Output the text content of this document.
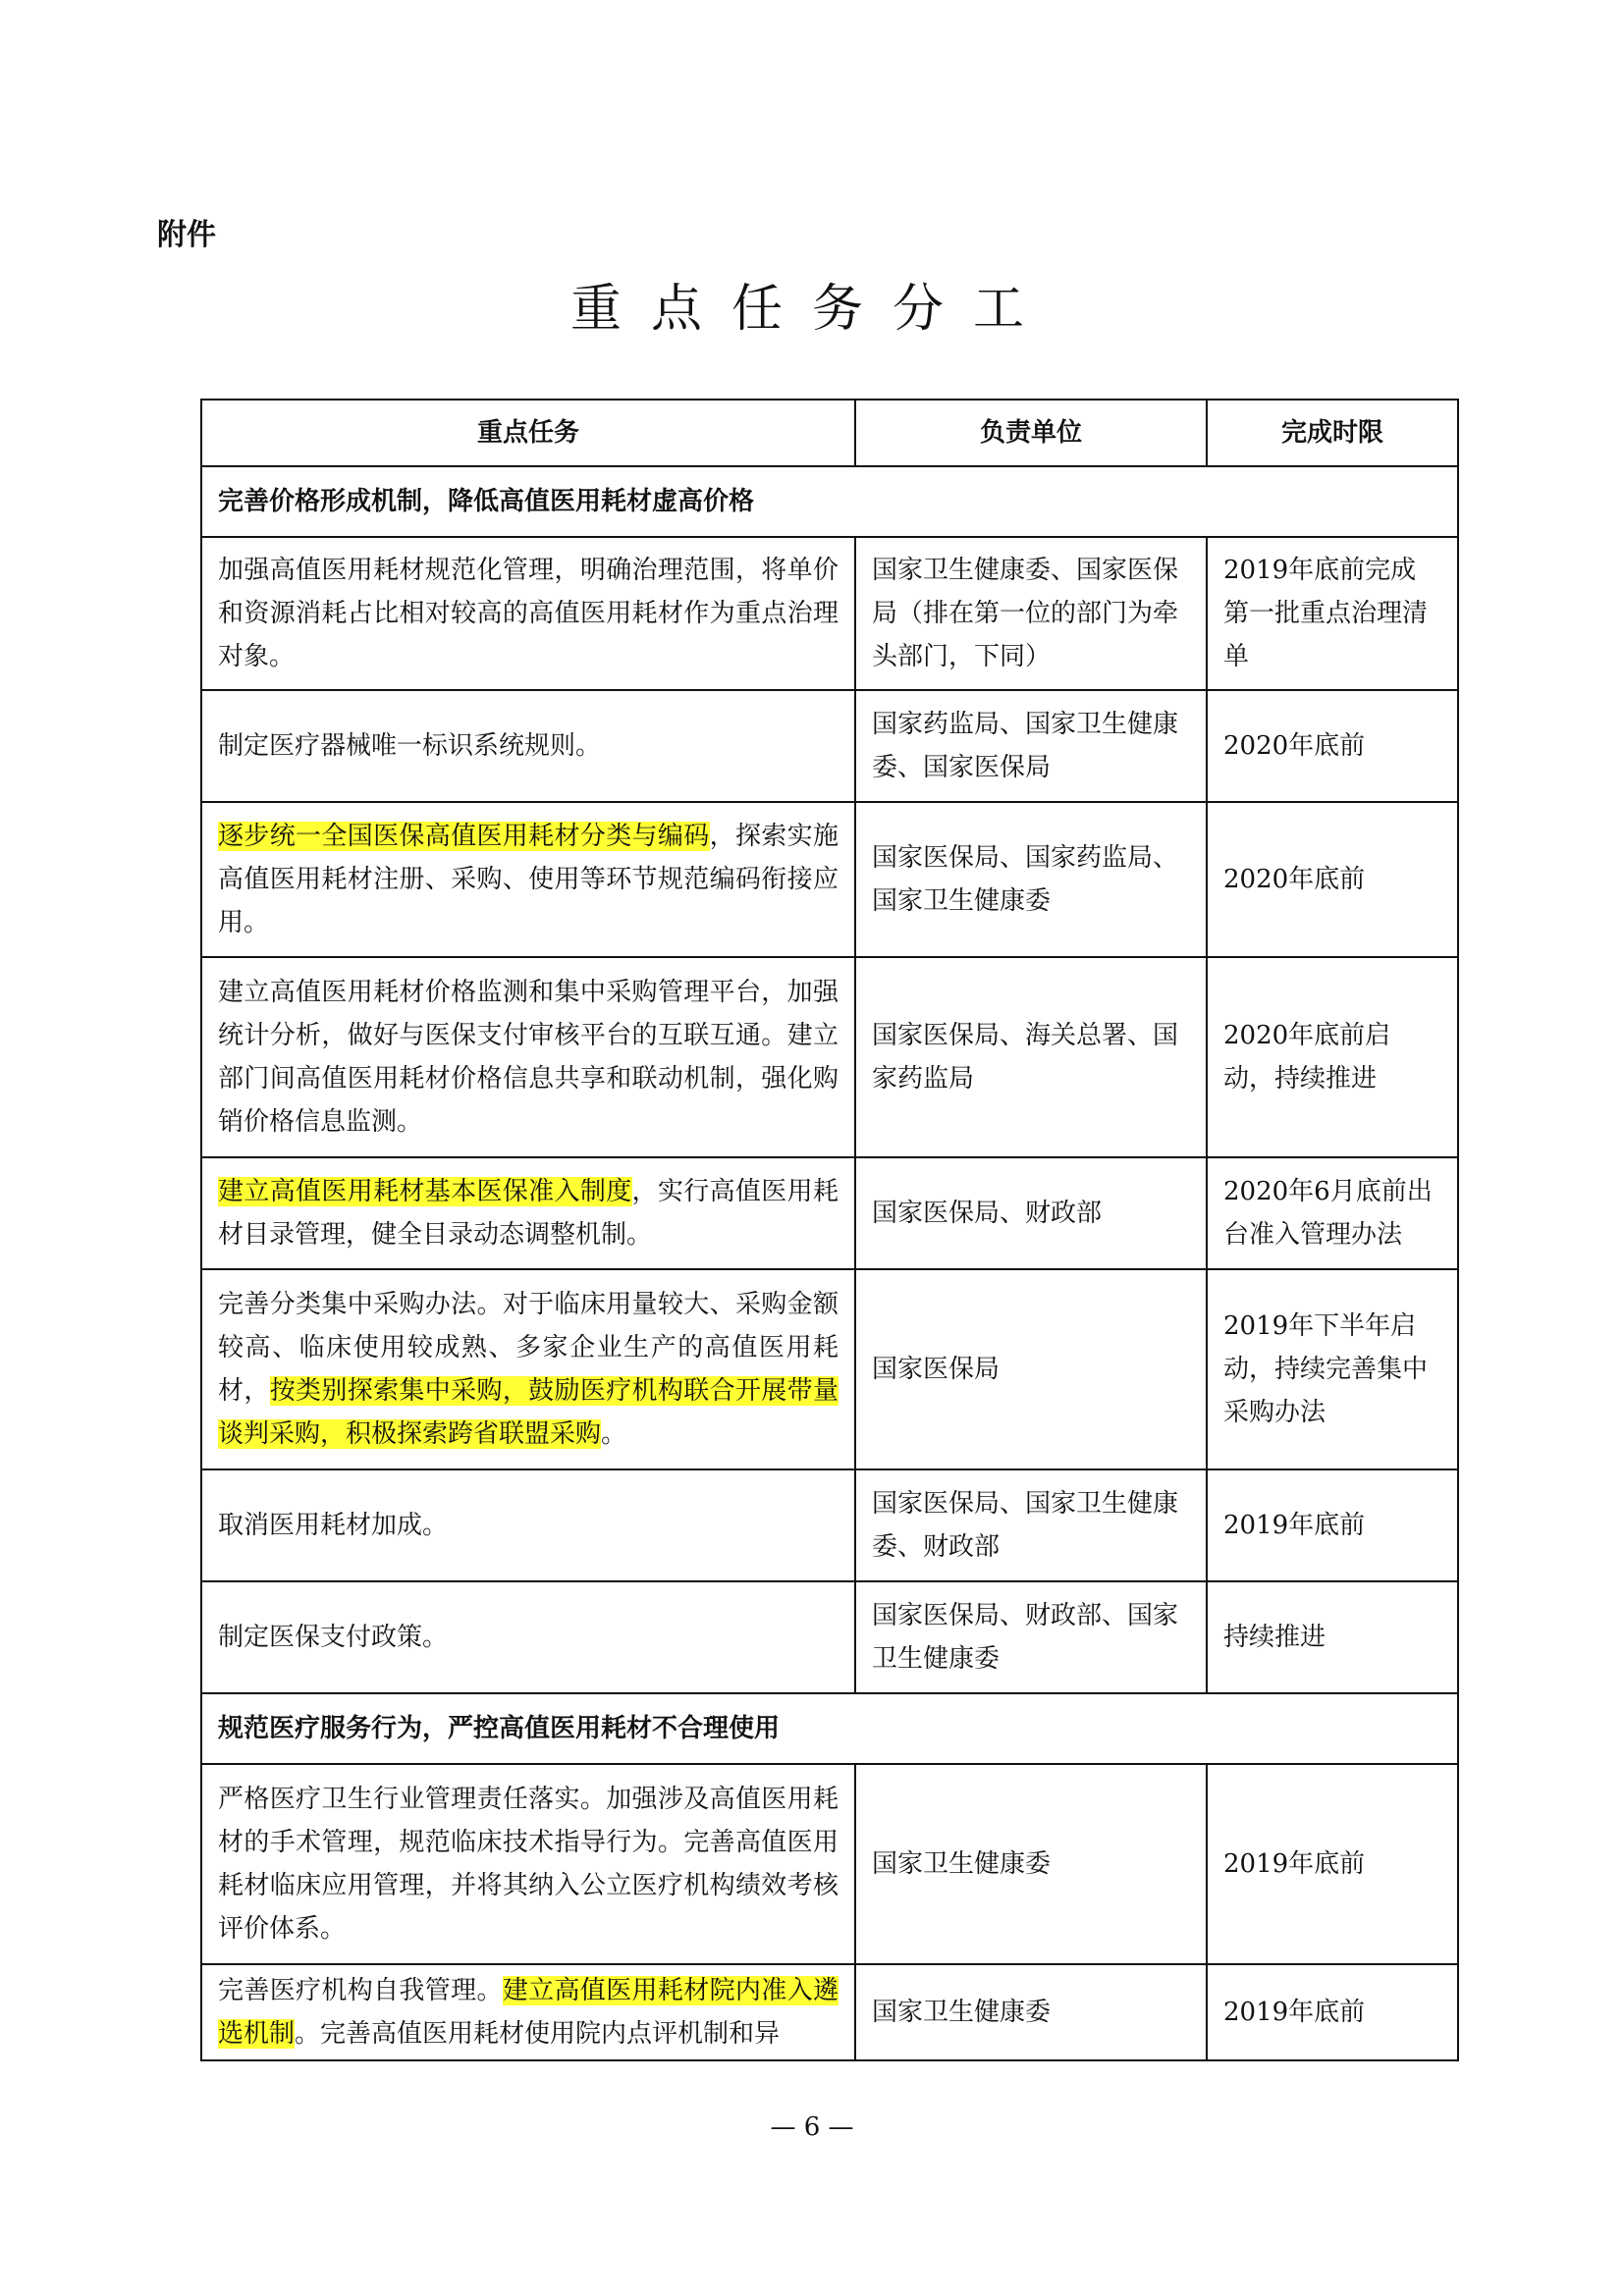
附件
重点任务分工
重点任务	负责单位	完成时限
完善价格形成机制，降低高值医用耗材虚高价格		
加强高值医用耗材规范化管理，明确治理范围，将单价和资源消耗占比相对较高的高值医用耗材作为重点治理对象。	国家卫生健康委、国家医保局（排在第一位的部门为牵头部门，下同）	2019年底前完成第一批重点治理清单
制定医疗器械唯一标识系统规则。	国家药监局、国家卫生健康委、国家医保局	2020年底前
逐步统一全国医保高值医用耗材分类与编码，探索实施高值医用耗材注册、采购、使用等环节规范编码衔接应用。	国家医保局、国家药监局、国家卫生健康委	2020年底前
建立高值医用耗材价格监测和集中采购管理平台，加强统计分析，做好与医保支付审核平台的互联互通。建立部门间高值医用耗材价格信息共享和联动机制，强化购销价格信息监测。	国家医保局、海关总署、国家药监局	2020年底前启动，持续推进
建立高值医用耗材基本医保准入制度，实行高值医用耗材目录管理，健全目录动态调整机制。	国家医保局、财政部	2020年6月底前出台准入管理办法
完善分类集中采购办法。对于临床用量较大、采购金额较高、临床使用较成熟、多家企业生产的高值医用耗材，按类别探索集中采购，鼓励医疗机构联合开展带量谈判采购，积极探索跨省联盟采购。	国家医保局	2019年下半年启动，持续完善集中采购办法
取消医用耗材加成。	国家医保局、国家卫生健康委、财政部	2019年底前
制定医保支付政策。	国家医保局、财政部、国家卫生健康委	持续推进
规范医疗服务行为，严控高值医用耗材不合理使用		
严格医疗卫生行业管理责任落实。加强涉及高值医用耗材的手术管理，规范临床技术指导行为。完善高值医用耗材临床应用管理，并将其纳入公立医疗机构绩效考核评价体系。	国家卫生健康委	2019年底前
完善医疗机构自我管理。建立高值医用耗材院内准入遴选机制。完善高值医用耗材使用院内点评机制和异	国家卫生健康委	2019年底前
— 6 —
